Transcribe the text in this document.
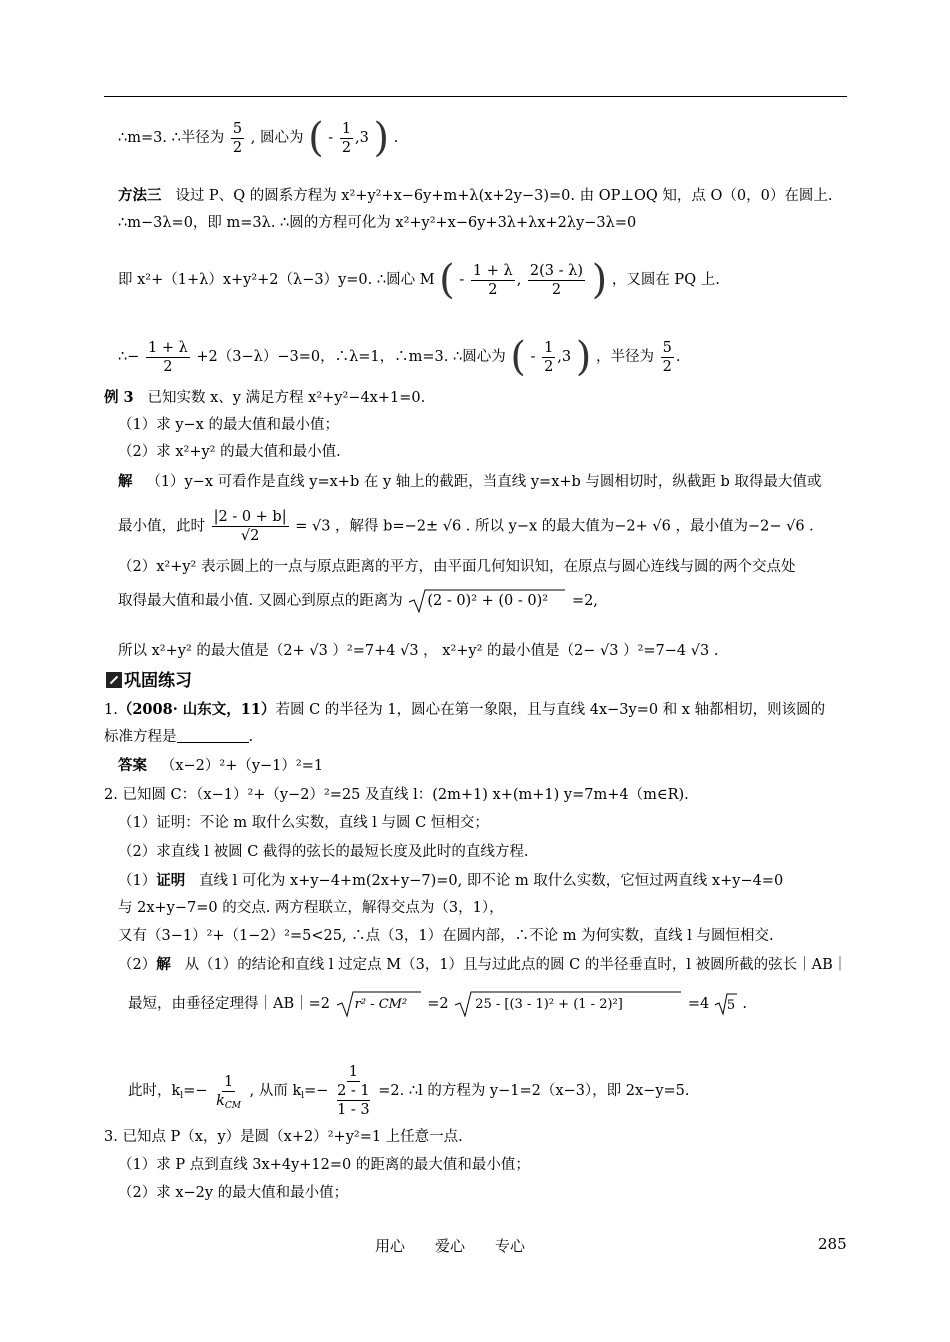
∴m=3. ∴半径为 $\frac{5}{2}$ , 圆心为 ( - $\frac{1}{2} ,3$ ) .
方法三 设过 P、Q 的圆系方程为 x²+y²+x−6y+m+λ(x+2y−3)=0. 由 OP⊥OQ 知，点 O（0，0）在圆上.
∴m−3λ=0，即 m=3λ. ∴圆的方程可化为 x²+y²+x−6y+3λ+λx+2λy−3λ=0
即 x²+（1+λ）x+y²+2（λ−3）y=0. ∴圆心 M ( - $\frac{1 + \lambda}{2}$ , $\frac{2(3 - \lambda)}{2}$ ) ，又圆在 PQ 上.
∴− $\frac{1 + \lambda}{2} +2(3-\lambda)-3=0$，∴λ=1，∴m=3. ∴圆心为 ( - $\frac{1}{2} ,3$ ) ，半径为 $\frac{5}{2}$ .
例 3 已知实数 x、y 满足方程 x²+y²−4x+1=0.
（1）求 y−x 的最大值和最小值；
（2）求 x²+y² 的最大值和最小值.
解 （1）y−x 可看作是直线 y=x+b 在 y 轴上的截距，当直线 y=x+b 与圆相切时，纵截距 b 取得最大值或
最小值，此时 $\frac{|2 - 0 + b|}{√2} = √3$ ，解得 b=−2± √6 . 所以 y−x 的最大值为−2+ √6 ，最小值为−2− √6 .
（2）x²+y² 表示圆上的一点与原点距离的平方，由平面几何知识知，在原点与圆心连线与圆的两个交点处
取得最大值和最小值. 又圆心到原点的距离为 (2 - 0)² + (0 - 0)² =2,
所以 x²+y² 的最大值是（2+ √3 ）²=7+4 √3 ， x²+y² 的最小值是（2− √3 ）²=7−4 √3 .
巩固练习
1.（2008· 山东文，11）若圆 C 的半径为 1，圆心在第一象限，且与直线 4x−3y=0 和 x 轴都相切，则该圆的
标准方程是	.
答案 （x−2）²+（y−1）²=1
2. 已知圆 C：（x−1）²+（y−2）²=25 及直线 l：(2m+1) x+(m+1) y=7m+4（m∈R).
（1）证明：不论 m 取什么实数，直线 l 与圆 C 恒相交；
（2）求直线 l 被圆 C 截得的弦长的最短长度及此时的直线方程.
（1）证明 直线 l 可化为 x+y−4+m(2x+y−7)=0, 即不论 m 取什么实数，它恒过两直线 x+y−4=0
与 2x+y−7=0 的交点. 两方程联立，解得交点为（3，1），
又有（3−1）²+（1−2）²=5<25, ∴点（3，1）在圆内部，∴不论 m 为何实数，直线 l 与圆恒相交.
（2）解 从（1）的结论和直线 l 过定点 M（3，1）且与过此点的圆 C 的半径垂直时，l 被圆所截的弦长｜AB｜
最短，由垂径定理得｜AB｜=2 r² - CM² =2 25 - [(3 - 1)² + (1 - 2)²]	=4 5 .
此时，$k_l=- \frac{1}{k_{CM}}$ , 从而 $k_l=- 1$
2 - 1
1 - 3 =2. ∴l 的方程为 y−1=2（x−3），即 2x−y=5.
3. 已知点 P（x，y）是圆（x+2）²+y²=1 上任意一点.
（1）求 P 点到直线 3x+4y+12=0 的距离的最大值和最小值；
（2）求 x−2y 的最大值和最小值；
用心　　爱心　　专心	285
